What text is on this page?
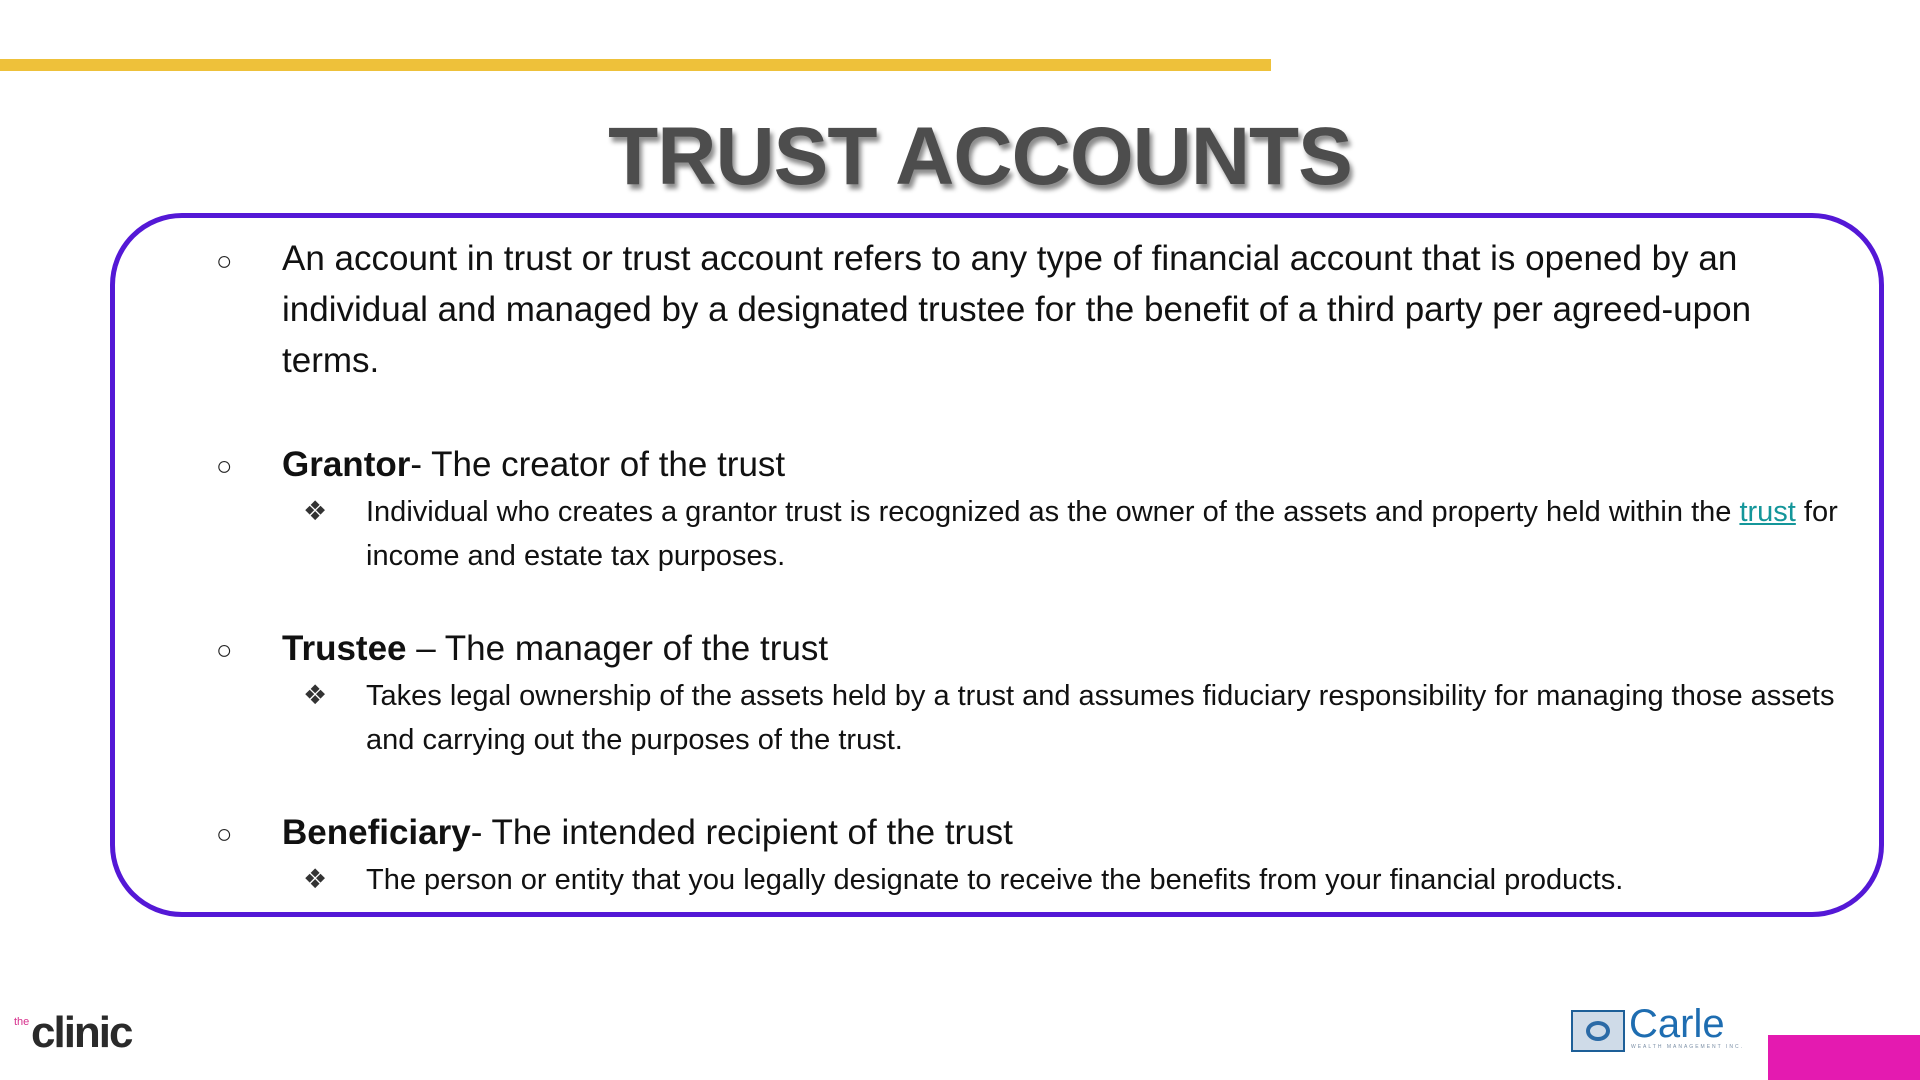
TRUST ACCOUNTS
○ An account in trust or trust account refers to any type of financial account that is opened by an individual and managed by a designated trustee for the benefit of a third party per agreed-upon terms.
○ Grantor- The creator of the trust
❖ Individual who creates a grantor trust is recognized as the owner of the assets and property held within the trust for income and estate tax purposes.
○ Trustee – The manager of the trust
❖ Takes legal ownership of the assets held by a trust and assumes fiduciary responsibility for managing those assets and carrying out the purposes of the trust.
○ Beneficiary- The intended recipient of the trust
❖ The person or entity that you legally designate to receive the benefits from your financial products.
the clinic	Carle
WEALTH MANAGEMENT INC.
